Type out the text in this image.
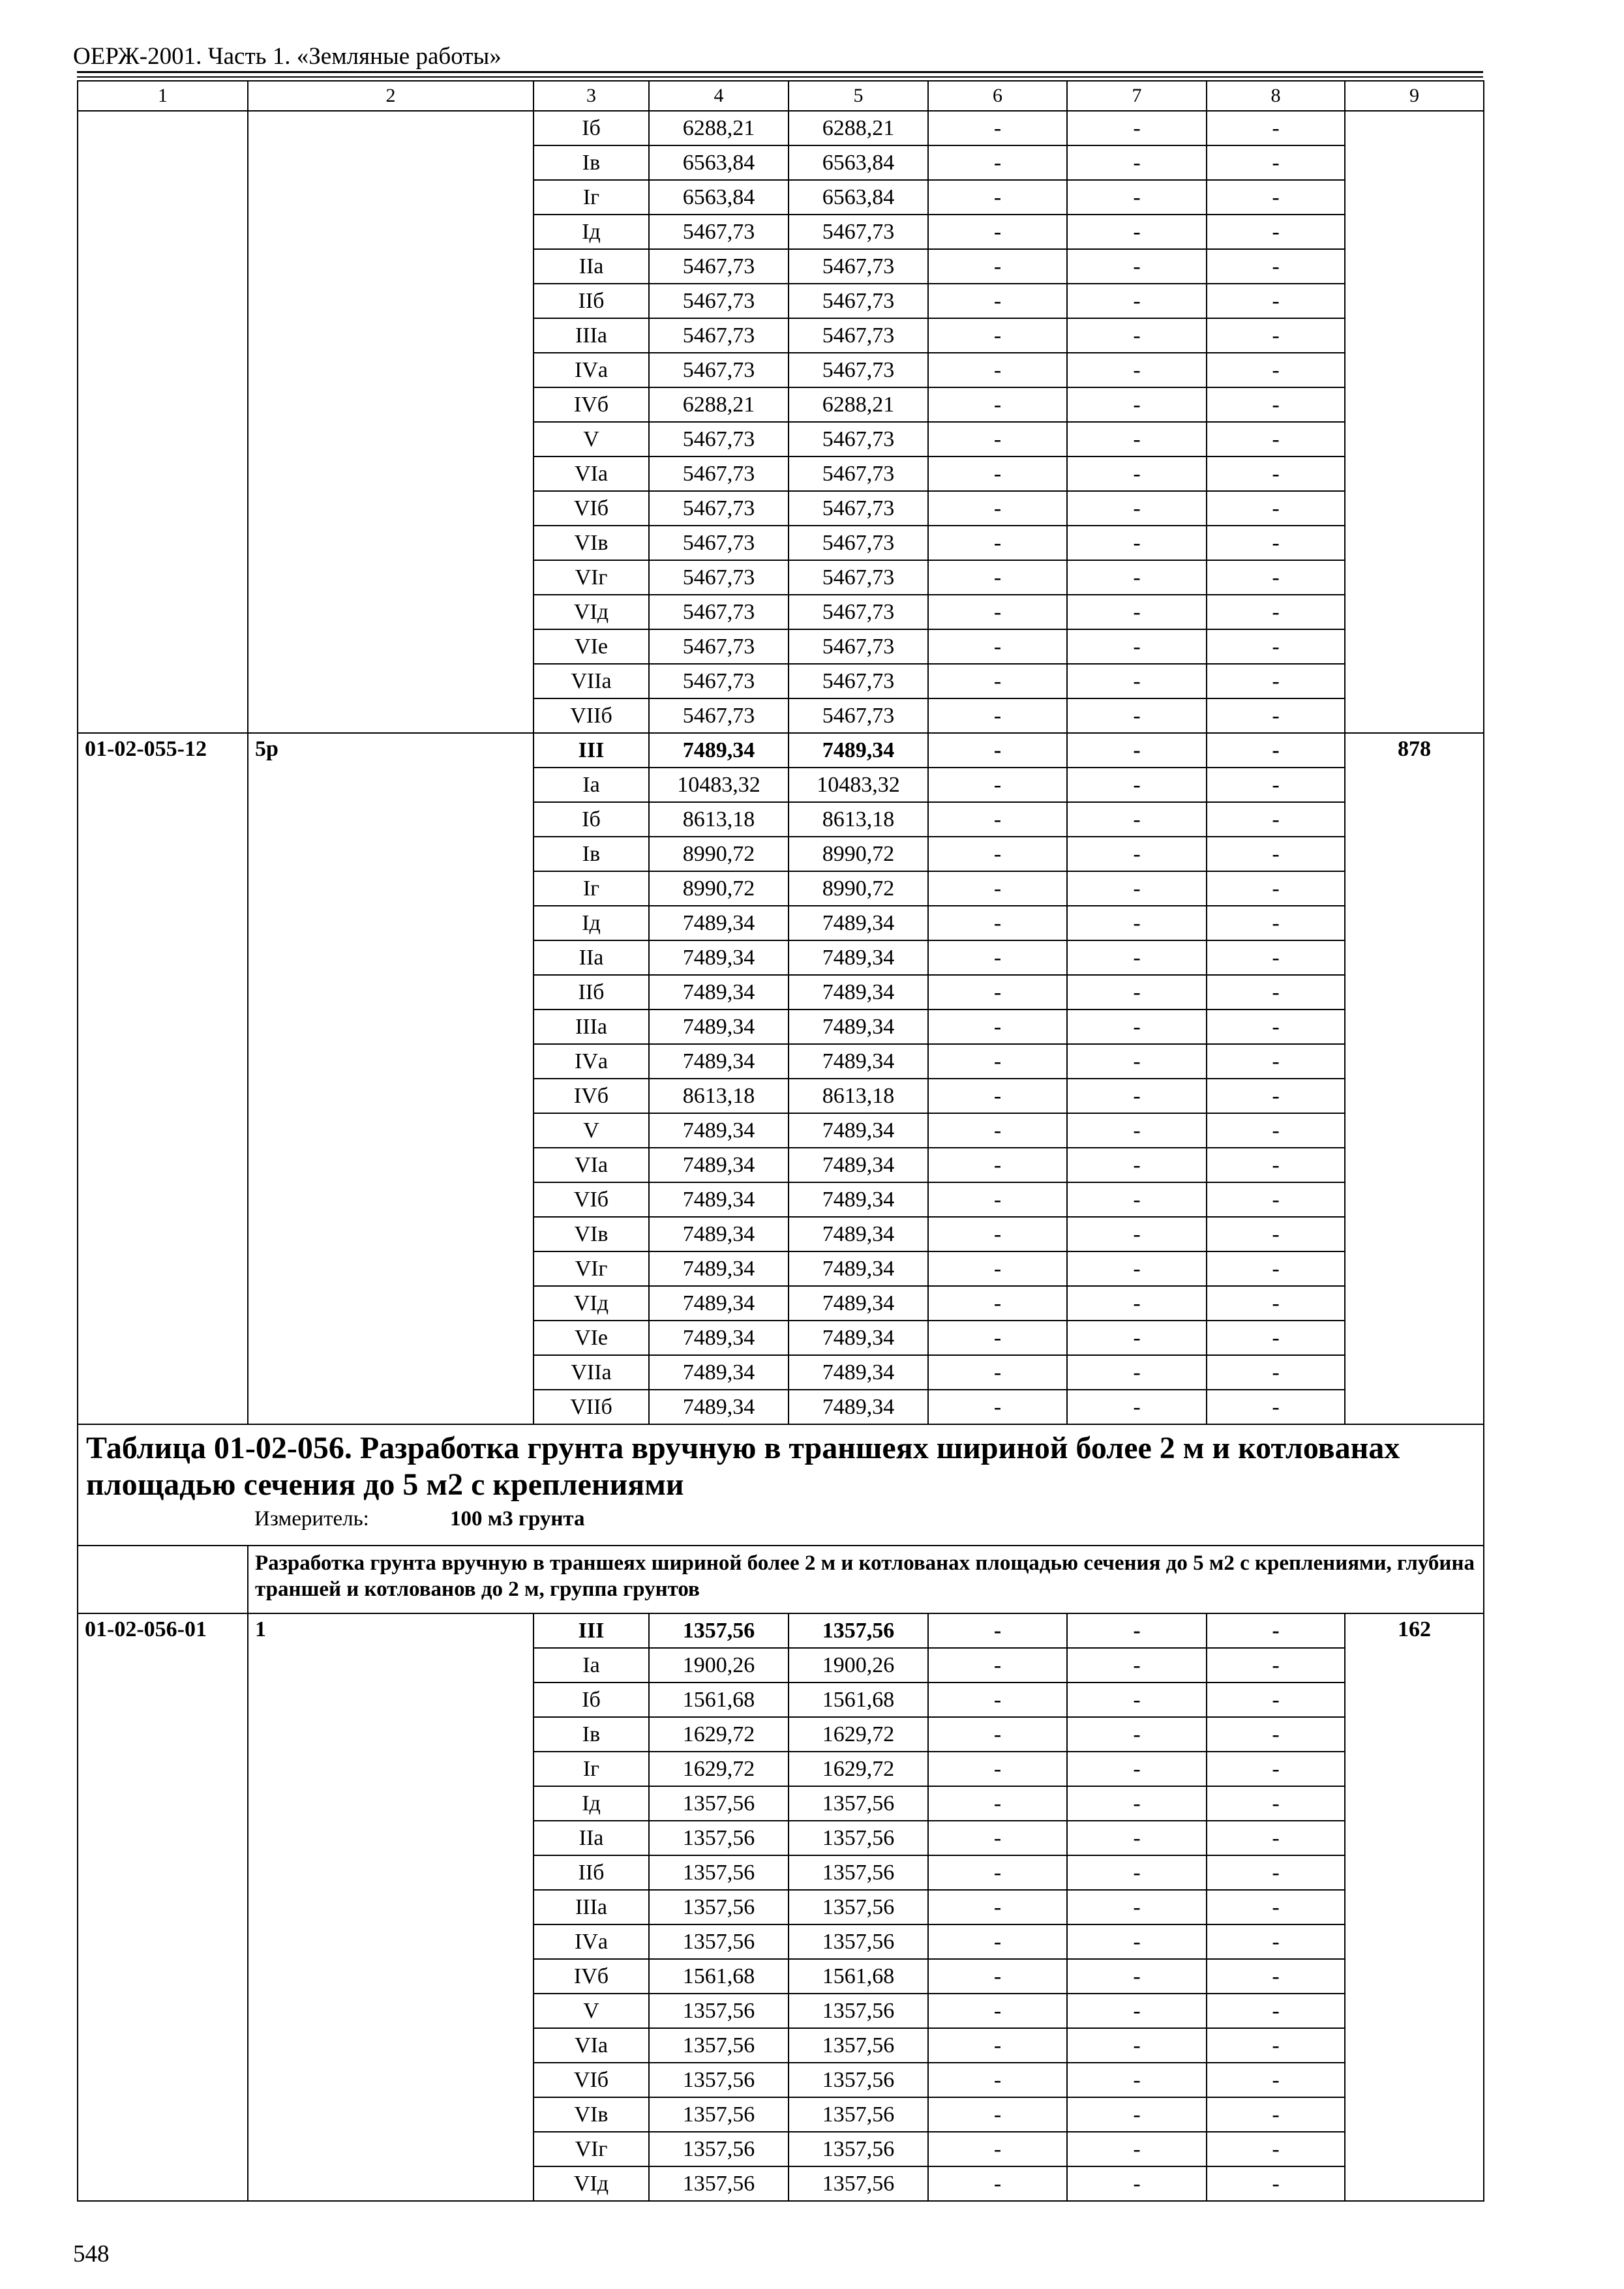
ОЕРЖ-2001. Часть 1. «Земляные работы»
1	2	3	4	5	6	7	8	9
		Iб	6288,21	6288,21	-	-	-	
		Iв	6563,84	6563,84	-	-	-	
		Iг	6563,84	6563,84	-	-	-	
		Iд	5467,73	5467,73	-	-	-	
		IIа	5467,73	5467,73	-	-	-	
		IIб	5467,73	5467,73	-	-	-	
		IIIа	5467,73	5467,73	-	-	-	
		IVа	5467,73	5467,73	-	-	-	
		IVб	6288,21	6288,21	-	-	-	
		V	5467,73	5467,73	-	-	-	
		VIа	5467,73	5467,73	-	-	-	
		VIб	5467,73	5467,73	-	-	-	
		VIв	5467,73	5467,73	-	-	-	
		VIг	5467,73	5467,73	-	-	-	
		VIд	5467,73	5467,73	-	-	-	
		VIе	5467,73	5467,73	-	-	-	
		VIIа	5467,73	5467,73	-	-	-	
		VIIб	5467,73	5467,73	-	-	-	
01-02-055-12	5р	III	7489,34	7489,34	-	-	-	878
		Iа	10483,32	10483,32	-	-	-	
		Iб	8613,18	8613,18	-	-	-	
		Iв	8990,72	8990,72	-	-	-	
		Iг	8990,72	8990,72	-	-	-	
		Iд	7489,34	7489,34	-	-	-	
		IIа	7489,34	7489,34	-	-	-	
		IIб	7489,34	7489,34	-	-	-	
		IIIа	7489,34	7489,34	-	-	-	
		IVа	7489,34	7489,34	-	-	-	
		IVб	8613,18	8613,18	-	-	-	
		V	7489,34	7489,34	-	-	-	
		VIа	7489,34	7489,34	-	-	-	
		VIб	7489,34	7489,34	-	-	-	
		VIв	7489,34	7489,34	-	-	-	
		VIг	7489,34	7489,34	-	-	-	
		VIд	7489,34	7489,34	-	-	-	
		VIе	7489,34	7489,34	-	-	-	
		VIIа	7489,34	7489,34	-	-	-	
		VIIб	7489,34	7489,34	-	-	-	

Таблица 01-02-056. Разработка грунта вручную в траншеях шириной более 2 м и котлованах площадью сечения до 5 м2 с креплениями
Измеритель: 100 м3 грунта								

	Разработка грунта вручную в траншеях шириной более 2 м и котлованах площадью сечения до 5 м2 с креплениями, глубина траншей и котлованов до 2 м, группа грунтов							
01-02-056-01	1	III	1357,56	1357,56	-	-	-	162
		Iа	1900,26	1900,26	-	-	-	
		Iб	1561,68	1561,68	-	-	-	
		Iв	1629,72	1629,72	-	-	-	
		Iг	1629,72	1629,72	-	-	-	
		Iд	1357,56	1357,56	-	-	-	
		IIа	1357,56	1357,56	-	-	-	
		IIб	1357,56	1357,56	-	-	-	
		IIIа	1357,56	1357,56	-	-	-	
		IVа	1357,56	1357,56	-	-	-	
		IVб	1561,68	1561,68	-	-	-	
		V	1357,56	1357,56	-	-	-	
		VIа	1357,56	1357,56	-	-	-	
		VIб	1357,56	1357,56	-	-	-	
		VIв	1357,56	1357,56	-	-	-	
		VIг	1357,56	1357,56	-	-	-	
		VIд	1357,56	1357,56	-	-	-	
548
